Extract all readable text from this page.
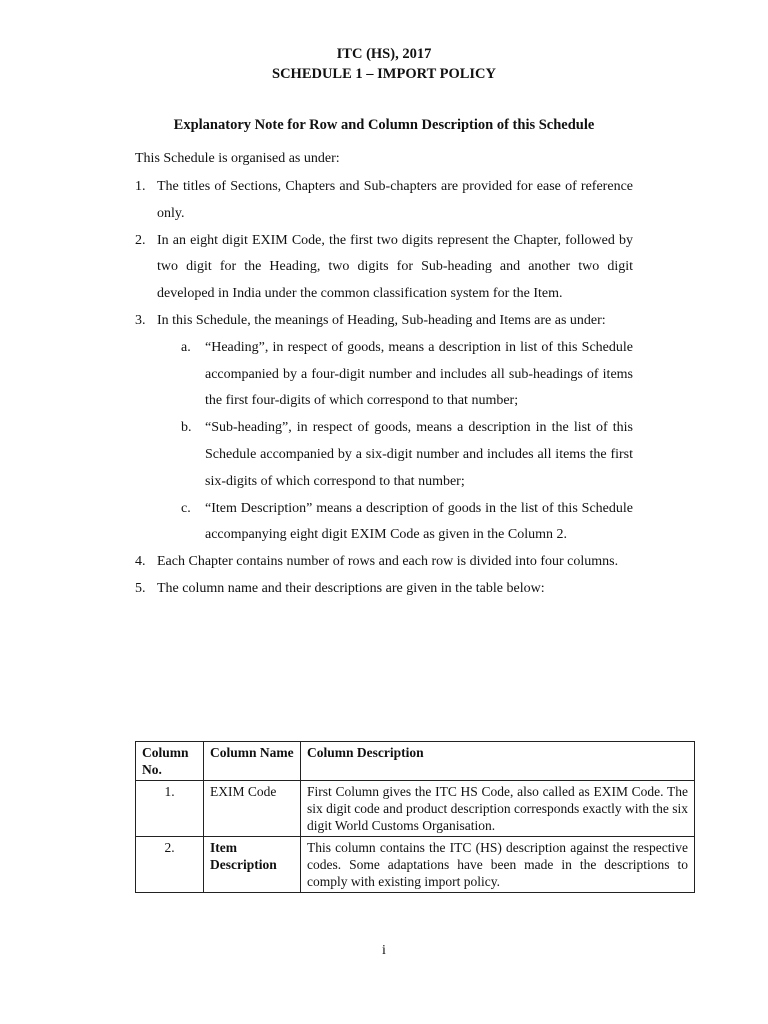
ITC (HS), 2017
SCHEDULE 1 – IMPORT POLICY
Explanatory Note for Row and Column Description of this Schedule
This Schedule is organised as under:
1. The titles of Sections, Chapters and Sub-chapters are provided for ease of reference only.
2. In an eight digit EXIM Code, the first two digits represent the Chapter, followed by two digit for the Heading, two digits for Sub-heading and another two digit developed in India under the common classification system for the Item.
3. In this Schedule, the meanings of Heading, Sub-heading and Items are as under:
a.	“Heading”, in respect of goods, means a description in list of this Schedule accompanied by a four-digit number and includes all sub-headings of items the first four-digits of which correspond to that number;
b. “Sub-heading”, in respect of goods, means a description in the list of this Schedule accompanied by a six-digit number and includes all items the first six-digits of which correspond to that number;
c.	“Item Description” means a description of goods in the list of this Schedule accompanying eight digit EXIM Code as given in the Column 2.
4. Each Chapter contains number of rows and each row is divided into four columns.
5. The column name and their descriptions are given in the table below:
Column No.	Column Name	Column Description
1.	EXIM Code	First Column gives the ITC HS Code, also called as EXIM Code. The six digit code and product description corresponds exactly with the six digit World Customs Organisation.
2.	Item Description	This column contains the ITC (HS) description against the respective codes. Some adaptations have been made in the descriptions to comply with existing import policy.
i
